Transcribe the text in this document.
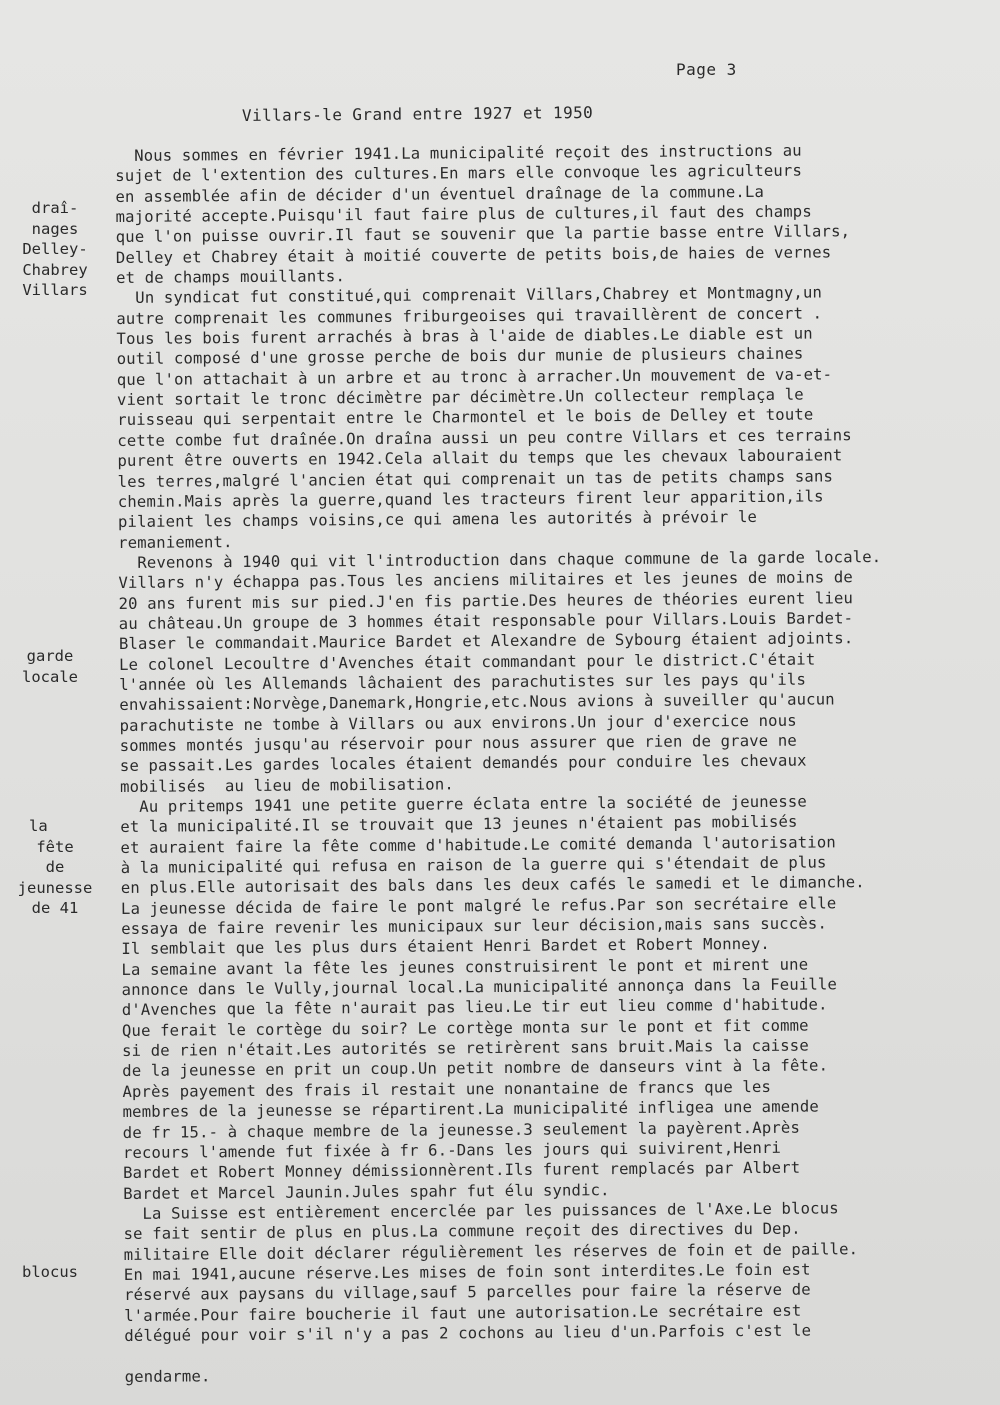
Page 3
Villars-le Grand entre 1927 et 1950
draî-
nages
Delley-
Chabrey
Villars
garde
locale
la
fête
de
jeunesse
de 41
blocus
Nous sommes en février 1941.La municipalité reçoit des instructions au
sujet de l'extention des cultures.En mars elle convoque les agriculteurs
en assemblée afin de décider d'un éventuel draînage de la commune.La
majorité accepte.Puisqu'il faut faire plus de cultures,il faut des champs
que l'on puisse ouvrir.Il faut se souvenir que la partie basse entre Villars,
Delley et Chabrey était à moitié couverte de petits bois,de haies de vernes
et de champs mouillants.
Un syndicat fut constitué,qui comprenait Villars,Chabrey et Montmagny,un
autre comprenait les communes friburgeoises qui travaillèrent de concert .
Tous les bois furent arrachés à bras à l'aide de diables.Le diable est un
outil composé d'une grosse perche de bois dur munie de plusieurs chaines
que l'on attachait à un arbre et au tronc à arracher.Un mouvement de va-et-
vient sortait le tronc décimètre par décimètre.Un collecteur remplaça le
ruisseau qui serpentait entre le Charmontel et le bois de Delley et toute
cette combe fut draînée.On draîna aussi un peu contre Villars et ces terrains
purent être ouverts en 1942.Cela allait du temps que les chevaux labouraient
les terres,malgré l'ancien état qui comprenait un tas de petits champs sans
chemin.Mais après la guerre,quand les tracteurs firent leur apparition,ils
pilaient les champs voisins,ce qui amena les autorités à prévoir le
remaniement.
Revenons à 1940 qui vit l'introduction dans chaque commune de la garde locale.
Villars n'y échappa pas.Tous les anciens militaires et les jeunes de moins de
20 ans furent mis sur pied.J'en fis partie.Des heures de théories eurent lieu
au château.Un groupe de 3 hommes était responsable pour Villars.Louis Bardet-
Blaser le commandait.Maurice Bardet et Alexandre de Sybourg étaient adjoints.
Le colonel Lecoultre d'Avenches était commandant pour le district.C'était
l'année où les Allemands lâchaient des parachutistes sur les pays qu'ils
envahissaient:Norvège,Danemark,Hongrie,etc.Nous avions à suveiller qu'aucun
parachutiste ne tombe à Villars ou aux environs.Un jour d'exercice nous
sommes montés jusqu'au réservoir pour nous assurer que rien de grave ne
se passait.Les gardes locales étaient demandés pour conduire les chevaux
mobilisés  au lieu de mobilisation.
Au pritemps 1941 une petite guerre éclata entre la société de jeunesse
et la municipalité.Il se trouvait que 13 jeunes n'étaient pas mobilisés
et auraient faire la fête comme d'habitude.Le comité demanda l'autorisation
à la municipalité qui refusa en raison de la guerre qui s'étendait de plus
en plus.Elle autorisait des bals dans les deux cafés le samedi et le dimanche.
La jeunesse décida de faire le pont malgré le refus.Par son secrétaire elle
essaya de faire revenir les municipaux sur leur décision,mais sans succès.
Il semblait que les plus durs étaient Henri Bardet et Robert Monney.
La semaine avant la fête les jeunes construisirent le pont et mirent une
annonce dans le Vully,journal local.La municipalité annonça dans la Feuille
d'Avenches que la fête n'aurait pas lieu.Le tir eut lieu comme d'habitude.
Que ferait le cortège du soir? Le cortège monta sur le pont et fit comme
si de rien n'était.Les autorités se retirèrent sans bruit.Mais la caisse
de la jeunesse en prit un coup.Un petit nombre de danseurs vint à la fête.
Après payement des frais il restait une nonantaine de francs que les
membres de la jeunesse se répartirent.La municipalité infligea une amende
de fr 15.- à chaque membre de la jeunesse.3 seulement la payèrent.Après
recours l'amende fut fixée à fr 6.-Dans les jours qui suivirent,Henri
Bardet et Robert Monney démissionnèrent.Ils furent remplacés par Albert
Bardet et Marcel Jaunin.Jules spahr fut élu syndic.
La Suisse est entièrement encerclée par les puissances de l'Axe.Le blocus
se fait sentir de plus en plus.La commune reçoit des directives du Dep.
militaire Elle doit déclarer régulièrement les réserves de foin et de paille.
En mai 1941,aucune réserve.Les mises de foin sont interdites.Le foin est
réservé aux paysans du village,sauf 5 parcelles pour faire la réserve de
l'armée.Pour faire boucherie il faut une autorisation.Le secrétaire est
délégué pour voir s'il n'y a pas 2 cochons au lieu d'un.Parfois c'est le
gendarme.
